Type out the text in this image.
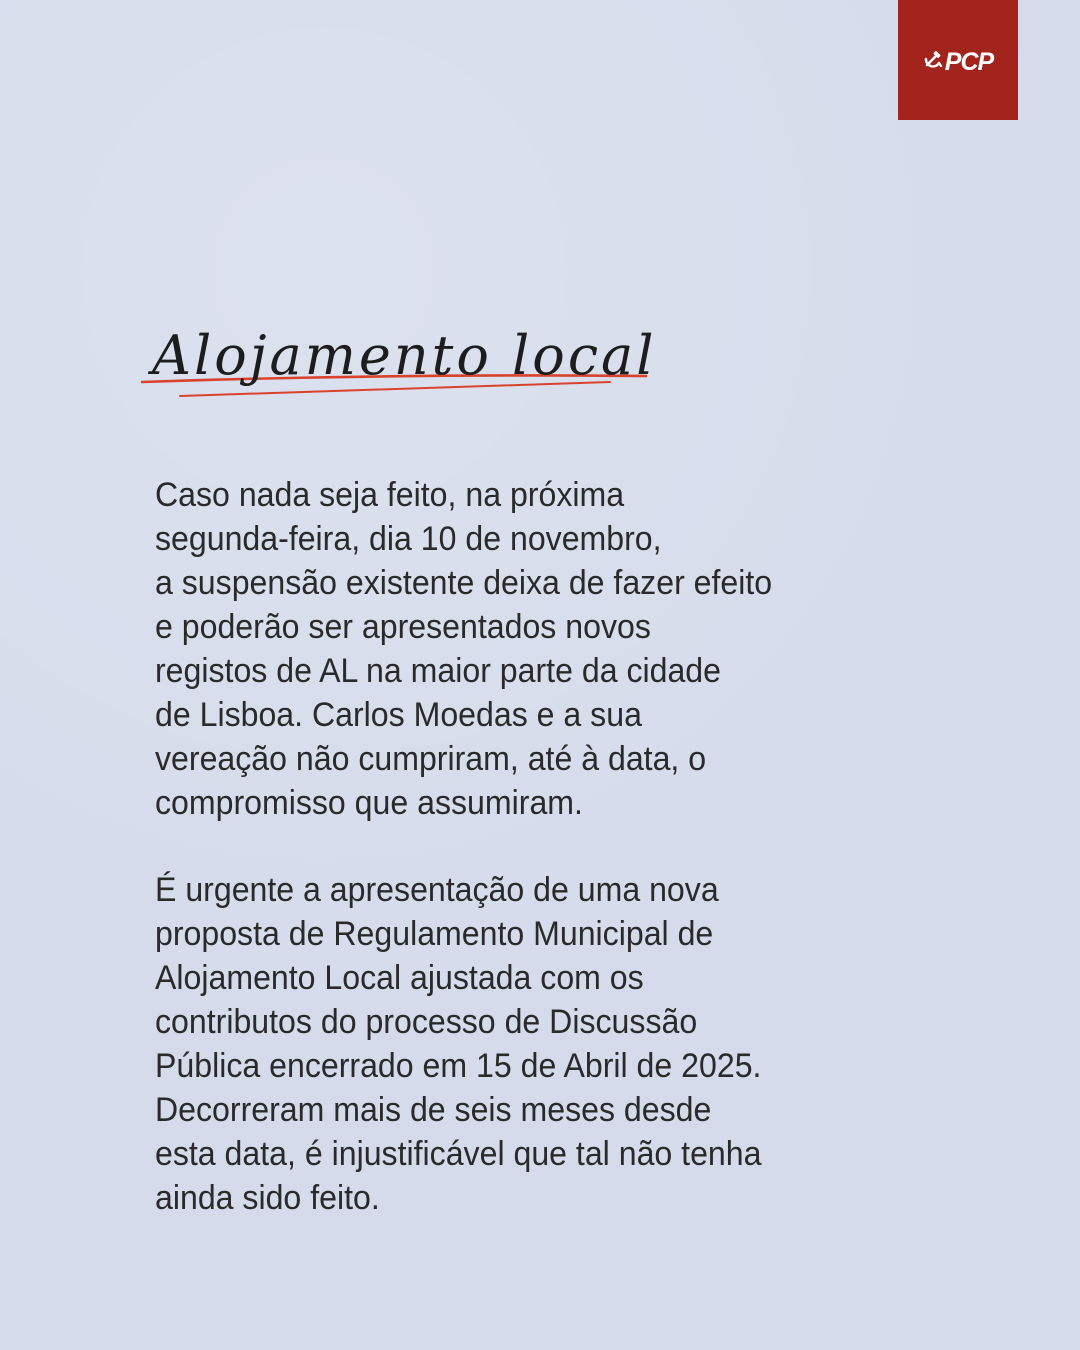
PCP
Alojamento local
Caso nada seja feito, na próxima
segunda-feira, dia 10 de novembro,
a suspensão existente deixa de fazer efeito
e poderão ser apresentados novos
registos de AL na maior parte da cidade
de Lisboa. Carlos Moedas e a sua
vereação não cumpriram, até à data, o
compromisso que assumiram.
É urgente a apresentação de uma nova
proposta de Regulamento Municipal de
Alojamento Local ajustada com os
contributos do processo de Discussão
Pública encerrado em 15 de Abril de 2025.
Decorreram mais de seis meses desde
esta data, é injustificável que tal não tenha
ainda sido feito.
